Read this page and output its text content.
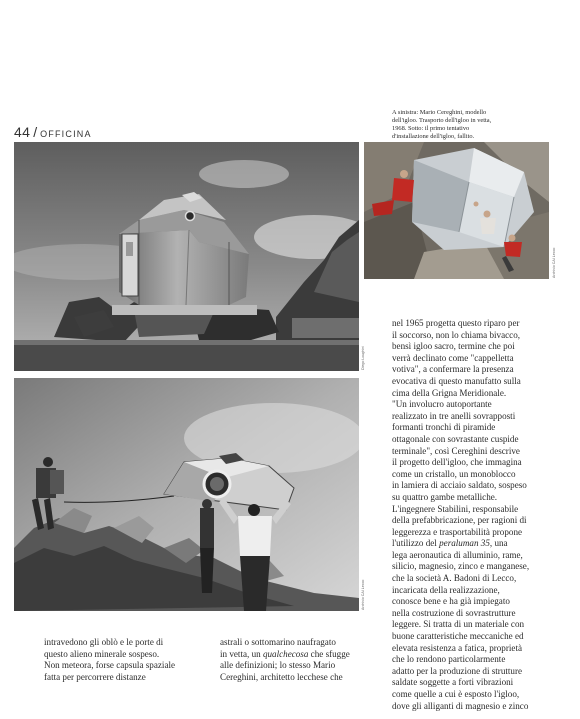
44 / OFFICINA
A sinistra: Mario Cereghini, modello
dell'igloo. Trasporto dell'igloo in vetta,
1968. Sotto: il primo tentativo
d'installazione dell'igloo, fallito.
Diego Loughini
Archivio CAI Lecco
Archivio CAI Lecco
intravedono gli oblò e le porte di
questo alieno minerale sospeso.
Non meteora, forse capsula spaziale
fatta per percorrere distanze
astrali o sottomarino naufragato
in vetta, un qualchecosa che sfugge
alle definizioni; lo stesso Mario
Cereghini, architetto lecchese che
nel 1965 progetta questo riparo per
il soccorso, non lo chiama bivacco,
bensì igloo sacro, termine che poi
verrà declinato come "cappelletta
votiva", a confermare la presenza
evocativa di questo manufatto sulla
cima della Grigna Meridionale.
"Un involucro autoportante
realizzato in tre anelli sovrapposti
formanti tronchi di piramide
ottagonale con sovrastante cuspide
terminale", così Cereghini descrive
il progetto dell'igloo, che immagina
come un cristallo, un monoblocco
in lamiera di acciaio saldato, sospeso
su quattro gambe metalliche.
L'ingegnere Stabilini, responsabile
della prefabbricazione, per ragioni di
leggerezza e trasportabilità propone
l'utilizzo del peraluman 35, una
lega aeronautica di alluminio, rame,
silicio, magnesio, zinco e manganese,
che la società A. Badoni di Lecco,
incaricata della realizzazione,
conosce bene e ha già impiegato
nella costruzione di sovrastrutture
leggere. Si tratta di un materiale con
buone caratteristiche meccaniche ed
elevata resistenza a fatica, proprietà
che lo rendono particolarmente
adatto per la produzione di strutture
saldate soggette a forti vibrazioni
come quelle a cui è esposto l'igloo,
dove gli alliganti di magnesio e zinco
